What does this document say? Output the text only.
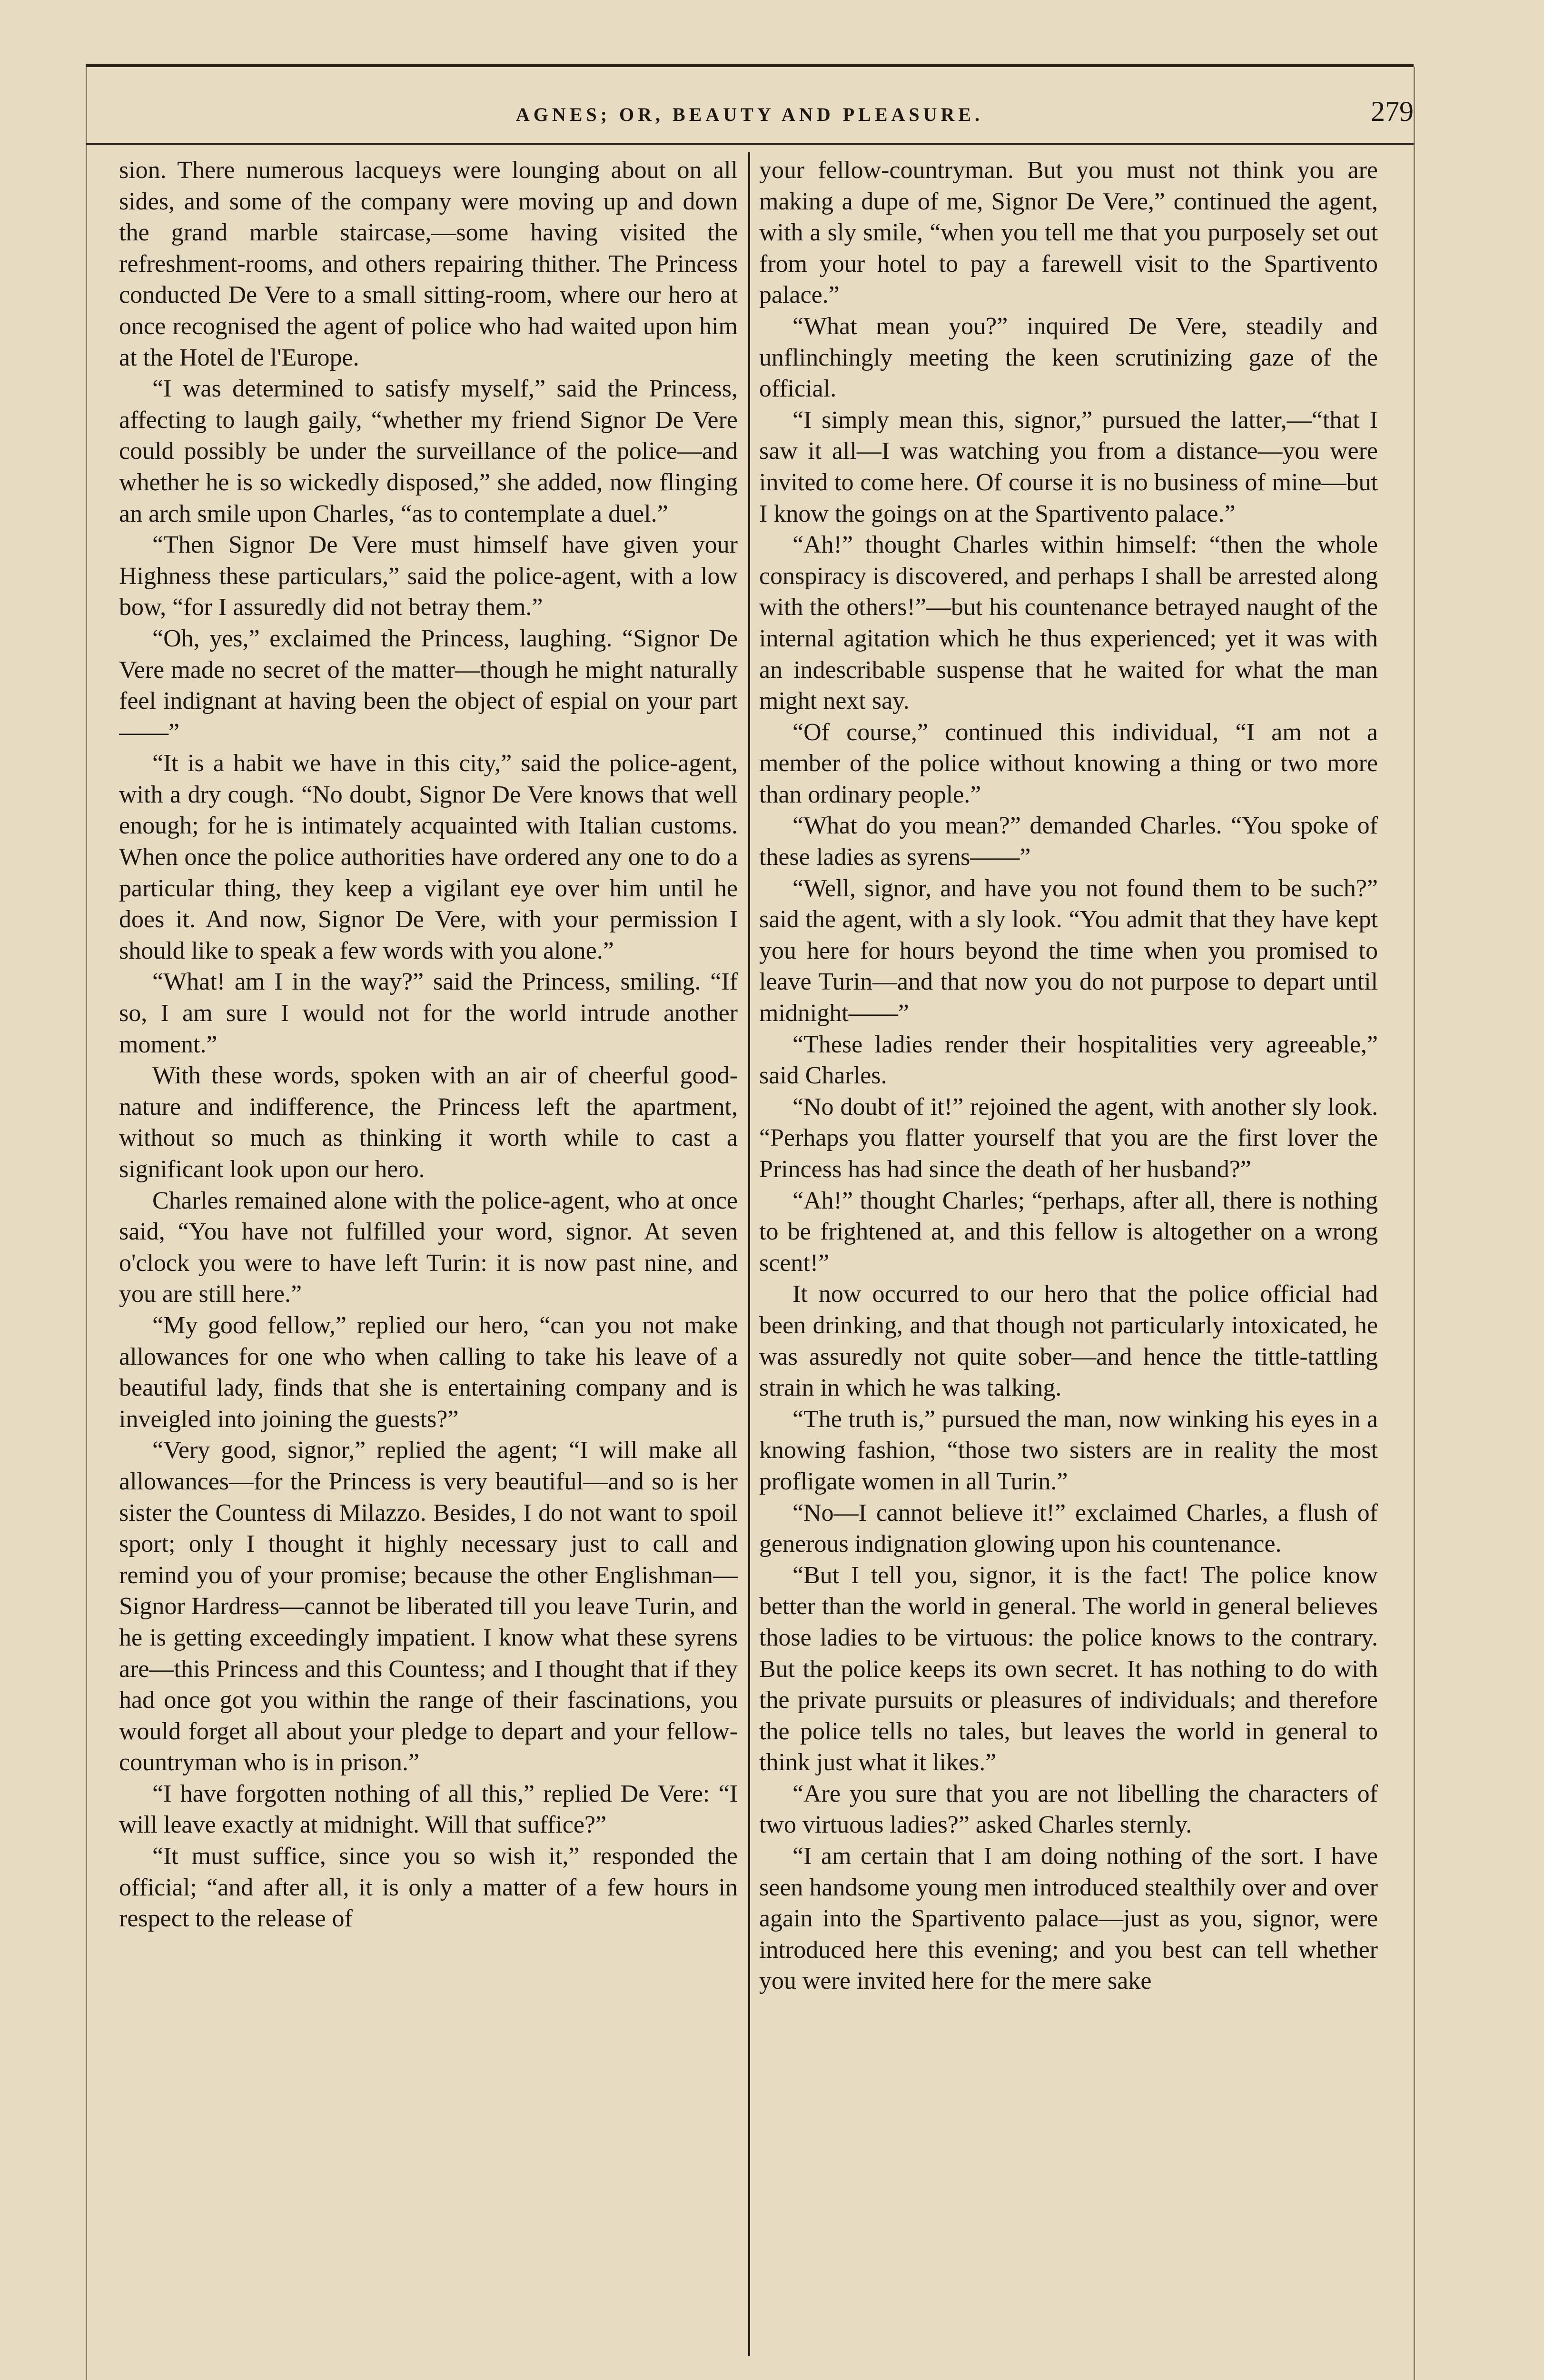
AGNES; OR, BEAUTY AND PLEASURE.	279

sion. There numerous lacqueys were lounging about on all sides, and some of the company were moving up and down the grand marble staircase,—some having visited the refreshment-rooms, and others repairing thither. The Princess conducted De Vere to a small sitting-room, where our hero at once recognised the agent of police who had waited upon him at the Hotel de l'Europe.

“I was determined to satisfy myself,” said the Princess, affecting to laugh gaily, “whether my friend Signor De Vere could possibly be under the surveillance of the police—and whether he is so wickedly disposed,” she added, now flinging an arch smile upon Charles, “as to contemplate a duel.”

“Then Signor De Vere must himself have given your Highness these particulars,” said the police-agent, with a low bow, “for I assuredly did not betray them.”

“Oh, yes,” exclaimed the Princess, laughing. “Signor De Vere made no secret of the matter—though he might naturally feel indignant at having been the object of espial on your part——”

“It is a habit we have in this city,” said the police-agent, with a dry cough. “No doubt, Signor De Vere knows that well enough; for he is intimately acquainted with Italian customs. When once the police authorities have ordered any one to do a particular thing, they keep a vigilant eye over him until he does it. And now, Signor De Vere, with your permission I should like to speak a few words with you alone.”

“What! am I in the way?” said the Princess, smiling. “If so, I am sure I would not for the world intrude another moment.”

With these words, spoken with an air of cheerful good-nature and indifference, the Princess left the apartment, without so much as thinking it worth while to cast a significant look upon our hero.

Charles remained alone with the police-agent, who at once said, “You have not fulfilled your word, signor. At seven o'clock you were to have left Turin: it is now past nine, and you are still here.”

“My good fellow,” replied our hero, “can you not make allowances for one who when calling to take his leave of a beautiful lady, finds that she is entertaining company and is inveigled into joining the guests?”

“Very good, signor,” replied the agent; “I will make all allowances—for the Princess is very beautiful—and so is her sister the Countess di Milazzo. Besides, I do not want to spoil sport; only I thought it highly necessary just to call and remind you of your promise; because the other Englishman—Signor Hardress—cannot be liberated till you leave Turin, and he is getting exceedingly impatient. I know what these syrens are—this Princess and this Countess; and I thought that if they had once got you within the range of their fascinations, you would forget all about your pledge to depart and your fellow-countryman who is in prison.”

“I have forgotten nothing of all this,” replied De Vere: “I will leave exactly at midnight. Will that suffice?”

“It must suffice, since you so wish it,” responded the official; “and after all, it is only a matter of a few hours in respect to the release of

your fellow-countryman. But you must not think you are making a dupe of me, Signor De Vere,” continued the agent, with a sly smile, “when you tell me that you purposely set out from your hotel to pay a farewell visit to the Spartivento palace.”

“What mean you?” inquired De Vere, steadily and unflinchingly meeting the keen scrutinizing gaze of the official.

“I simply mean this, signor,” pursued the latter,—“that I saw it all—I was watching you from a distance—you were invited to come here. Of course it is no business of mine—but I know the goings on at the Spartivento palace.”

“Ah!” thought Charles within himself: “then the whole conspiracy is discovered, and perhaps I shall be arrested along with the others!”—but his countenance betrayed naught of the internal agitation which he thus experienced; yet it was with an indescribable suspense that he waited for what the man might next say.

“Of course,” continued this individual, “I am not a member of the police without knowing a thing or two more than ordinary people.”

“What do you mean?” demanded Charles. “You spoke of these ladies as syrens——”

“Well, signor, and have you not found them to be such?” said the agent, with a sly look. “You admit that they have kept you here for hours beyond the time when you promised to leave Turin—and that now you do not purpose to depart until midnight——”

“These ladies render their hospitalities very agreeable,” said Charles.

“No doubt of it!” rejoined the agent, with another sly look. “Perhaps you flatter yourself that you are the first lover the Princess has had since the death of her husband?”

“Ah!” thought Charles; “perhaps, after all, there is nothing to be frightened at, and this fellow is altogether on a wrong scent!”

It now occurred to our hero that the police official had been drinking, and that though not particularly intoxicated, he was assuredly not quite sober—and hence the tittle-tattling strain in which he was talking.

“The truth is,” pursued the man, now winking his eyes in a knowing fashion, “those two sisters are in reality the most profligate women in all Turin.”

“No—I cannot believe it!” exclaimed Charles, a flush of generous indignation glowing upon his countenance.

“But I tell you, signor, it is the fact! The police know better than the world in general. The world in general believes those ladies to be virtuous: the police knows to the contrary. But the police keeps its own secret. It has nothing to do with the private pursuits or pleasures of individuals; and therefore the police tells no tales, but leaves the world in general to think just what it likes.”

“Are you sure that you are not libelling the characters of two virtuous ladies?” asked Charles sternly.

“I am certain that I am doing nothing of the sort. I have seen handsome young men introduced stealthily over and over again into the Spartivento palace—just as you, signor, were introduced here this evening; and you best can tell whether you were invited here for the mere sake
